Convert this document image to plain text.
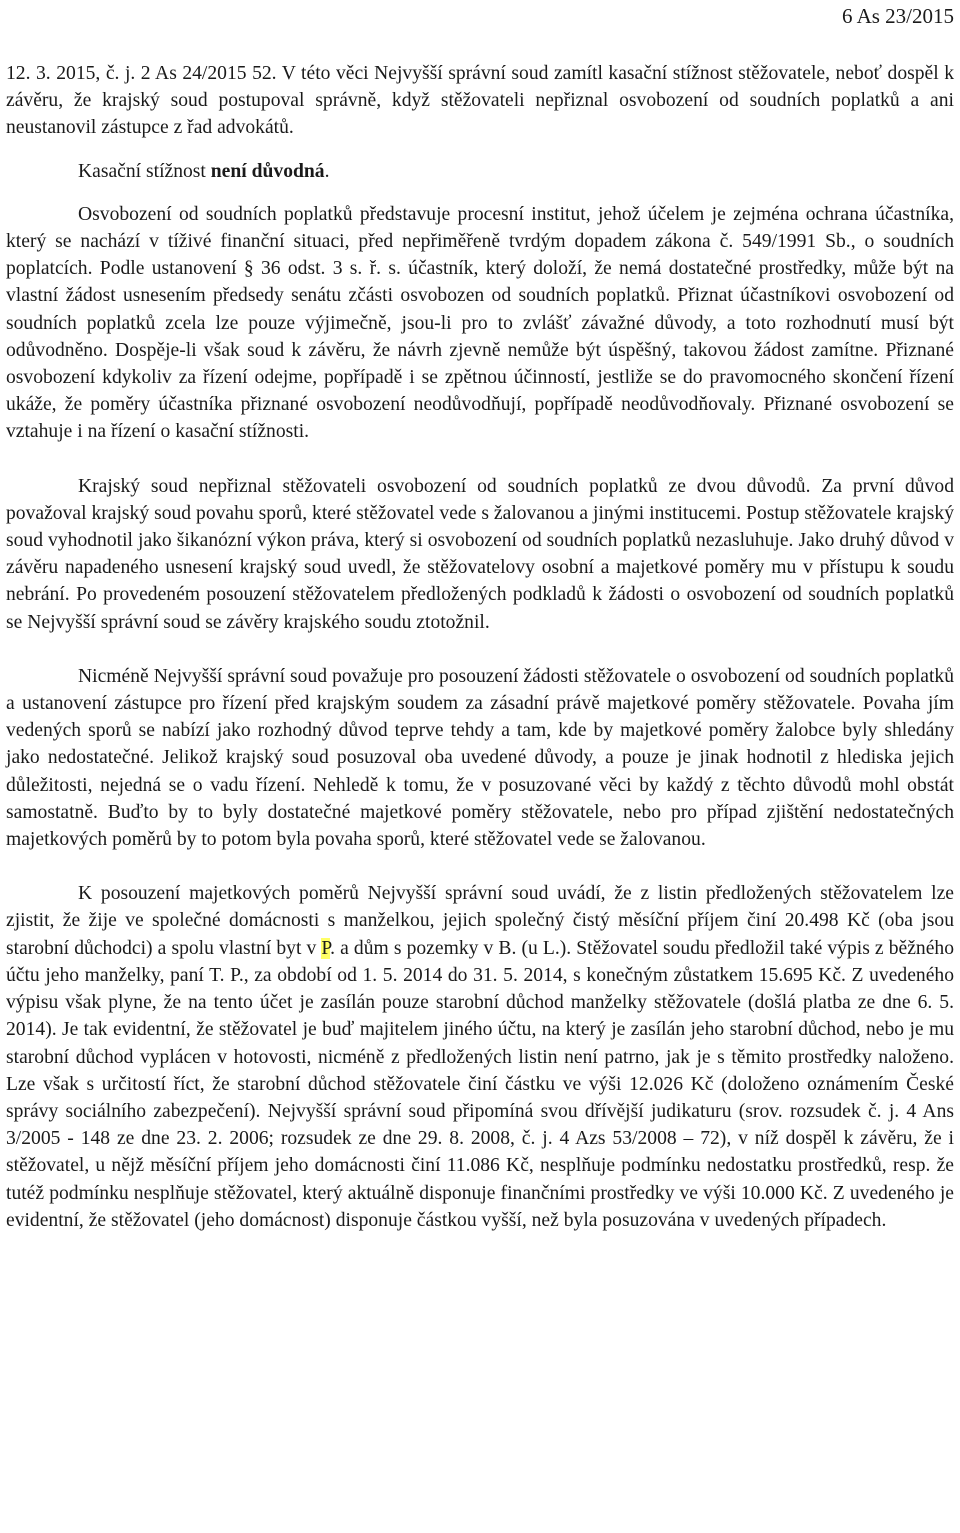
6 As 23/2015

12. 3. 2015, č. j. 2 As 24/2015 52. V této věci Nejvyšší správní soud zamítl kasační stížnost stěžovatele, neboť dospěl k závěru, že krajský soud postupoval správně, když stěžovateli nepřiznal osvobození od soudních poplatků a ani neustanovil zástupce z řad advokátů.

Kasační stížnost není důvodná.

Osvobození od soudních poplatků představuje procesní institut, jehož účelem je zejména ochrana účastníka, který se nachází v tíživé finanční situaci, před nepřiměřeně tvrdým dopadem zákona č. 549/1991 Sb., o soudních poplatcích. Podle ustanovení § 36 odst. 3 s. ř. s. účastník, který doloží, že nemá dostatečné prostředky, může být na vlastní žádost usnesením předsedy senátu zčásti osvobozen od soudních poplatků. Přiznat účastníkovi osvobození od soudních poplatků zcela lze pouze výjimečně, jsou-li pro to zvlášť závažné důvody, a toto rozhodnutí musí být odůvodněno. Dospěje-li však soud k závěru, že návrh zjevně nemůže být úspěšný, takovou žádost zamítne. Přiznané osvobození kdykoliv za řízení odejme, popřípadě i se zpětnou účinností, jestliže se do pravomocného skončení řízení ukáže, že poměry účastníka přiznané osvobození neodůvodňují, popřípadě neodůvodňovaly. Přiznané osvobození se vztahuje i na řízení o kasační stížnosti.

Krajský soud nepřiznal stěžovateli osvobození od soudních poplatků ze dvou důvodů. Za první důvod považoval krajský soud povahu sporů, které stěžovatel vede s žalovanou a jinými institucemi. Postup stěžovatele krajský soud vyhodnotil jako šikanózní výkon práva, který si osvobození od soudních poplatků nezasluhuje. Jako druhý důvod v závěru napadeného usnesení krajský soud uvedl, že stěžovatelovy osobní a majetkové poměry mu v přístupu k soudu nebrání. Po provedeném posouzení stěžovatelem předložených podkladů k žádosti o osvobození od soudních poplatků se Nejvyšší správní soud se závěry krajského soudu ztotožnil.

Nicméně Nejvyšší správní soud považuje pro posouzení žádosti stěžovatele o osvobození od soudních poplatků a ustanovení zástupce pro řízení před krajským soudem za zásadní právě majetkové poměry stěžovatele. Povaha jím vedených sporů se nabízí jako rozhodný důvod teprve tehdy a tam, kde by majetkové poměry žalobce byly shledány jako nedostatečné. Jelikož krajský soud posuzoval oba uvedené důvody, a pouze je jinak hodnotil z hlediska jejich důležitosti, nejedná se o vadu řízení. Nehledě k tomu, že v posuzované věci by každý z těchto důvodů mohl obstát samostatně. Buďto by to byly dostatečné majetkové poměry stěžovatele, nebo pro případ zjištění nedostatečných majetkových poměrů by to potom byla povaha sporů, které stěžovatel vede se žalovanou.

K posouzení majetkových poměrů Nejvyšší správní soud uvádí, že z listin předložených stěžovatelem lze zjistit, že žije ve společné domácnosti s manželkou, jejich společný čistý měsíční příjem činí 20.498 Kč (oba jsou starobní důchodci) a spolu vlastní byt v P. a dům s pozemky v B. (u L.). Stěžovatel soudu předložil také výpis z běžného účtu jeho manželky, paní T. P., za období od 1. 5. 2014 do 31. 5. 2014, s konečným zůstatkem 15.695 Kč. Z uvedeného výpisu však plyne, že na tento účet je zasílán pouze starobní důchod manželky stěžovatele (došlá platba ze dne 6. 5. 2014). Je tak evidentní, že stěžovatel je buď majitelem jiného účtu, na který je zasílán jeho starobní důchod, nebo je mu starobní důchod vyplácen v hotovosti, nicméně z předložených listin není patrno, jak je s těmito prostředky naloženo. Lze však s určitostí říct, že starobní důchod stěžovatele činí částku ve výši 12.026 Kč (doloženo oznámením České správy sociálního zabezpečení). Nejvyšší správní soud připomíná svou dřívější judikaturu (srov. rozsudek č. j. 4 Ans 3/2005 - 148 ze dne 23. 2. 2006; rozsudek ze dne 29. 8. 2008, č. j. 4 Azs 53/2008 – 72), v níž dospěl k závěru, že i stěžovatel, u nějž měsíční příjem jeho domácnosti činí 11.086 Kč, nesplňuje podmínku nedostatku prostředků, resp. že tutéž podmínku nesplňuje stěžovatel, který aktuálně disponuje finančními prostředky ve výši 10.000 Kč. Z uvedeného je evidentní, že stěžovatel (jeho domácnost) disponuje částkou vyšší, než byla posuzována v uvedených případech.
